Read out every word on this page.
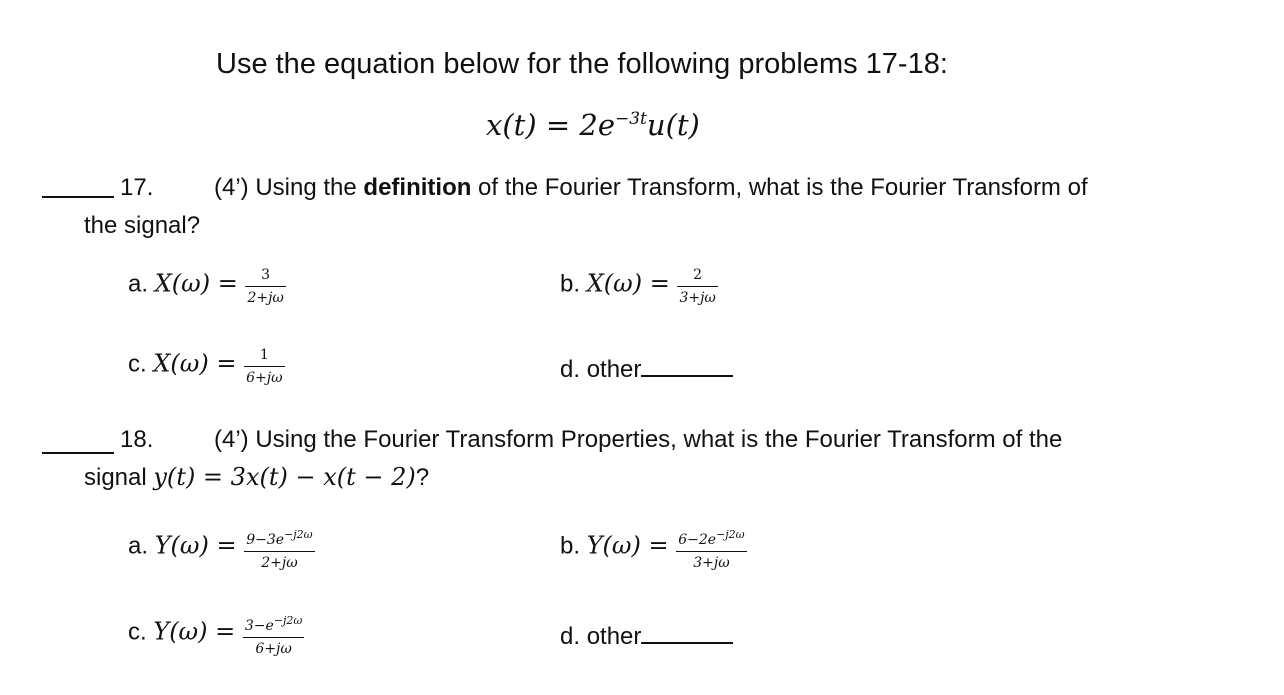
Use the equation below for the following problems 17-18:
$x(t) = 2e^{-3t}u(t)$
17.	(4’) Using the definition of the Fourier Transform, what is the Fourier Transform of
the signal?
a. $X(\omega) = \frac{3}{2+j\omega}$	b. $X(\omega) = \frac{2}{3+j\omega}$
c. $X(\omega) = \frac{1}{6+j\omega}$	d. other
18.	(4’) Using the Fourier Transform Properties, what is the Fourier Transform of the
signal y(t) = 3x(t) − x(t − 2)?
a. $Y(\omega) = \frac{9-3e^{-j2\omega}}{2+j\omega}$	b. $Y(\omega) = \frac{6-2e^{-j2\omega}}{3+j\omega}$
c. $Y(\omega) = \frac{3-e^{-j2\omega}}{6+j\omega}$	d. other
